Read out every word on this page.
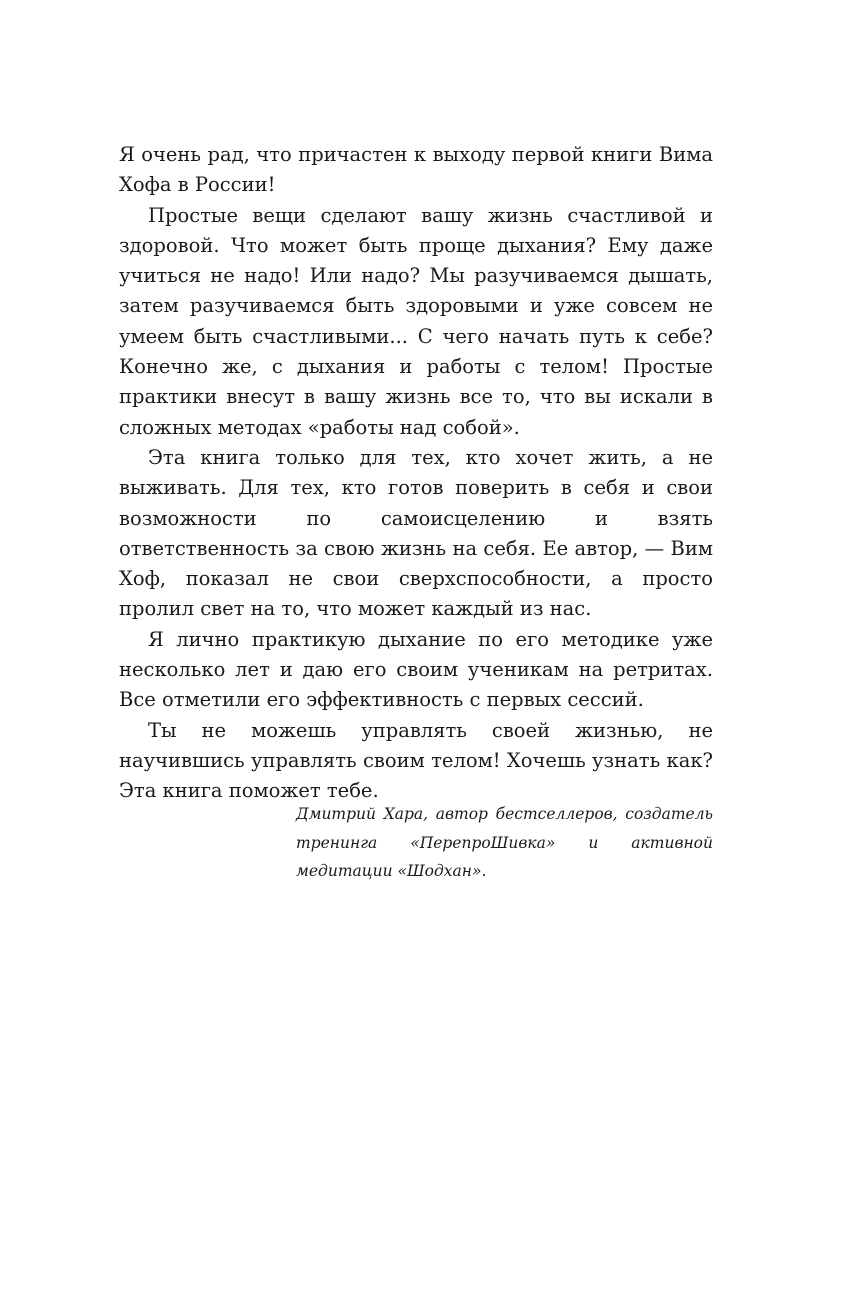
Я очень рад, что причастен к выходу первой книги Вима Хофа в России!

Простые вещи сделают вашу жизнь счастливой и здоровой. Что может быть проще дыхания? Ему даже учиться не надо! Или надо? Мы разучиваемся дышать, затем разучиваемся быть здоровыми и уже совсем не умеем быть счастливыми... С чего начать путь к себе? Конечно же, с дыхания и работы с телом! Простые практики внесут в вашу жизнь все то, что вы искали в сложных методах «работы над собой».

Эта книга только для тех, кто хочет жить, а не выживать. Для тех, кто готов поверить в себя и свои возможности по самоисцелению и взять ответственность за свою жизнь на себя. Ее автор, — Вим Хоф, показал не свои сверхспособности, а просто пролил свет на то, что может каждый из нас.

Я лично практикую дыхание по его методике уже несколько лет и даю его своим ученикам на ретритах. Все отметили его эффективность с первых сессий.

Ты не можешь управлять своей жизнью, не научившись управлять своим телом! Хочешь узнать как? Эта книга поможет тебе.

Дмитрий Хара, автор бестселлеров, создатель тренинга «ПерепроШивка» и активной медитации «Шодхан».
